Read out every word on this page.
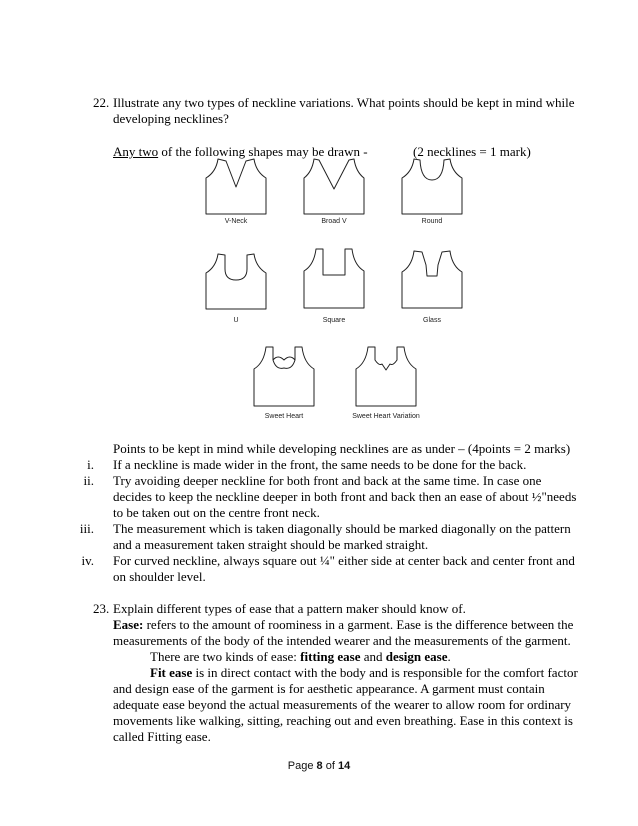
22. Illustrate any two types of neckline variations. What points should be kept in mind while
developing necklines?
Any two of the following shapes may be drawn -	(2 necklines = 1 mark)
V-Neck	Broad V	Round
U	Square	Glass
Sweet Heart	Sweet Heart Variation
Points to be kept in mind while developing necklines are as under – (4points = 2 marks)
i. If a neckline is made wider in the front, the same needs to be done for the back.
ii. Try avoiding deeper neckline for both front and back at the same time. In case one
decides to keep the neckline deeper in both front and back then an ease of about ½"needs
to be taken out on the centre front neck.
iii. The measurement which is taken diagonally should be marked diagonally on the pattern
and a measurement taken straight should be marked straight.
iv. For curved neckline, always square out ¼" either side at center back and center front and
on shoulder level.
23. Explain different types of ease that a pattern maker should know of.
Ease: refers to the amount of roominess in a garment. Ease is the difference between the
measurements of the body of the intended wearer and the measurements of the garment.
There are two kinds of ease: fitting ease and design ease.
Fit ease is in direct contact with the body and is responsible for the comfort factor
and design ease of the garment is for aesthetic appearance. A garment must contain
adequate ease beyond the actual measurements of the wearer to allow room for ordinary
movements like walking, sitting, reaching out and even breathing. Ease in this context is
called Fitting ease.
Page 8 of 14
